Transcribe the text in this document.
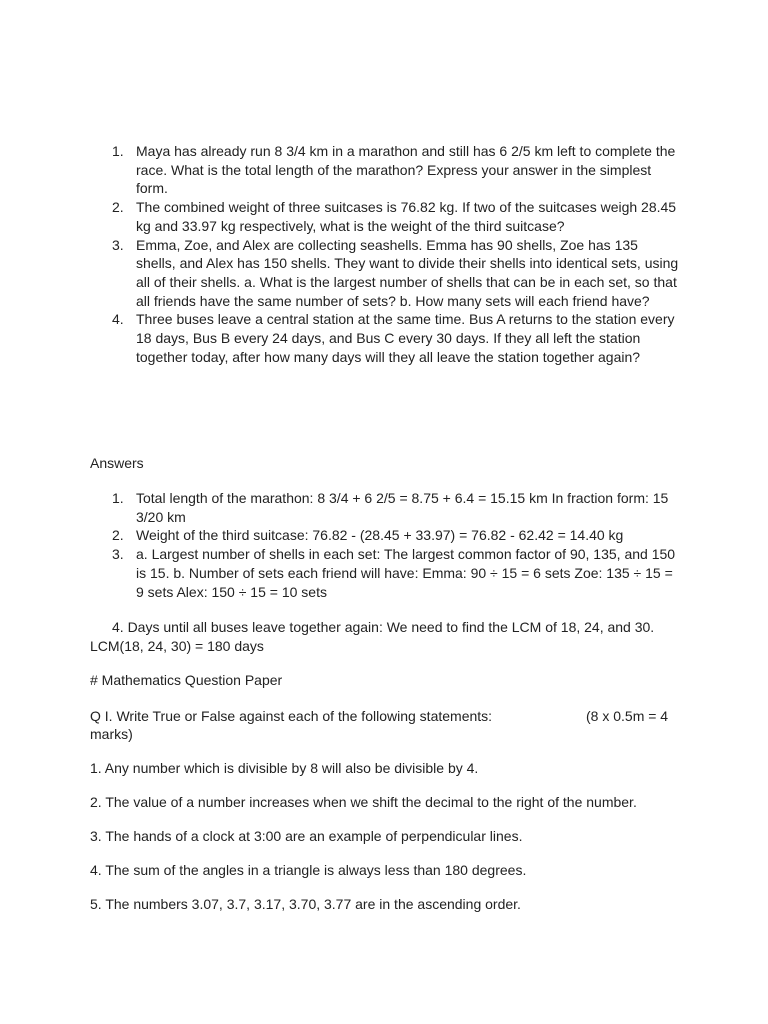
1. Maya has already run 8 3/4 km in a marathon and still has 6 2/5 km left to complete the race. What is the total length of the marathon? Express your answer in the simplest form.
2. The combined weight of three suitcases is 76.82 kg. If two of the suitcases weigh 28.45 kg and 33.97 kg respectively, what is the weight of the third suitcase?
3. Emma, Zoe, and Alex are collecting seashells. Emma has 90 shells, Zoe has 135 shells, and Alex has 150 shells. They want to divide their shells into identical sets, using all of their shells. a. What is the largest number of shells that can be in each set, so that all friends have the same number of sets? b. How many sets will each friend have?
4. Three buses leave a central station at the same time. Bus A returns to the station every 18 days, Bus B every 24 days, and Bus C every 30 days. If they all left the station together today, after how many days will they all leave the station together again?

Answers

1. Total length of the marathon: 8 3/4 + 6 2/5 = 8.75 + 6.4 = 15.15 km In fraction form: 15 3/20 km
2. Weight of the third suitcase: 76.82 - (28.45 + 33.97) = 76.82 - 62.42 = 14.40 kg
3. a. Largest number of shells in each set: The largest common factor of 90, 135, and 150 is 15. b. Number of sets each friend will have: Emma: 90 ÷ 15 = 6 sets Zoe: 135 ÷ 15 = 9 sets Alex: 150 ÷ 15 = 10 sets

4. Days until all buses leave together again: We need to find the LCM of 18, 24, and 30. LCM(18, 24, 30) = 180 days

# Mathematics Question Paper

Q I. Write True or False against each of the following statements:	(8 x 0.5m = 4
marks)

1. Any number which is divisible by 8 will also be divisible by 4.

2. The value of a number increases when we shift the decimal to the right of the number.

3. The hands of a clock at 3:00 are an example of perpendicular lines.

4. The sum of the angles in a triangle is always less than 180 degrees.

5. The numbers 3.07, 3.7, 3.17, 3.70, 3.77 are in the ascending order.
